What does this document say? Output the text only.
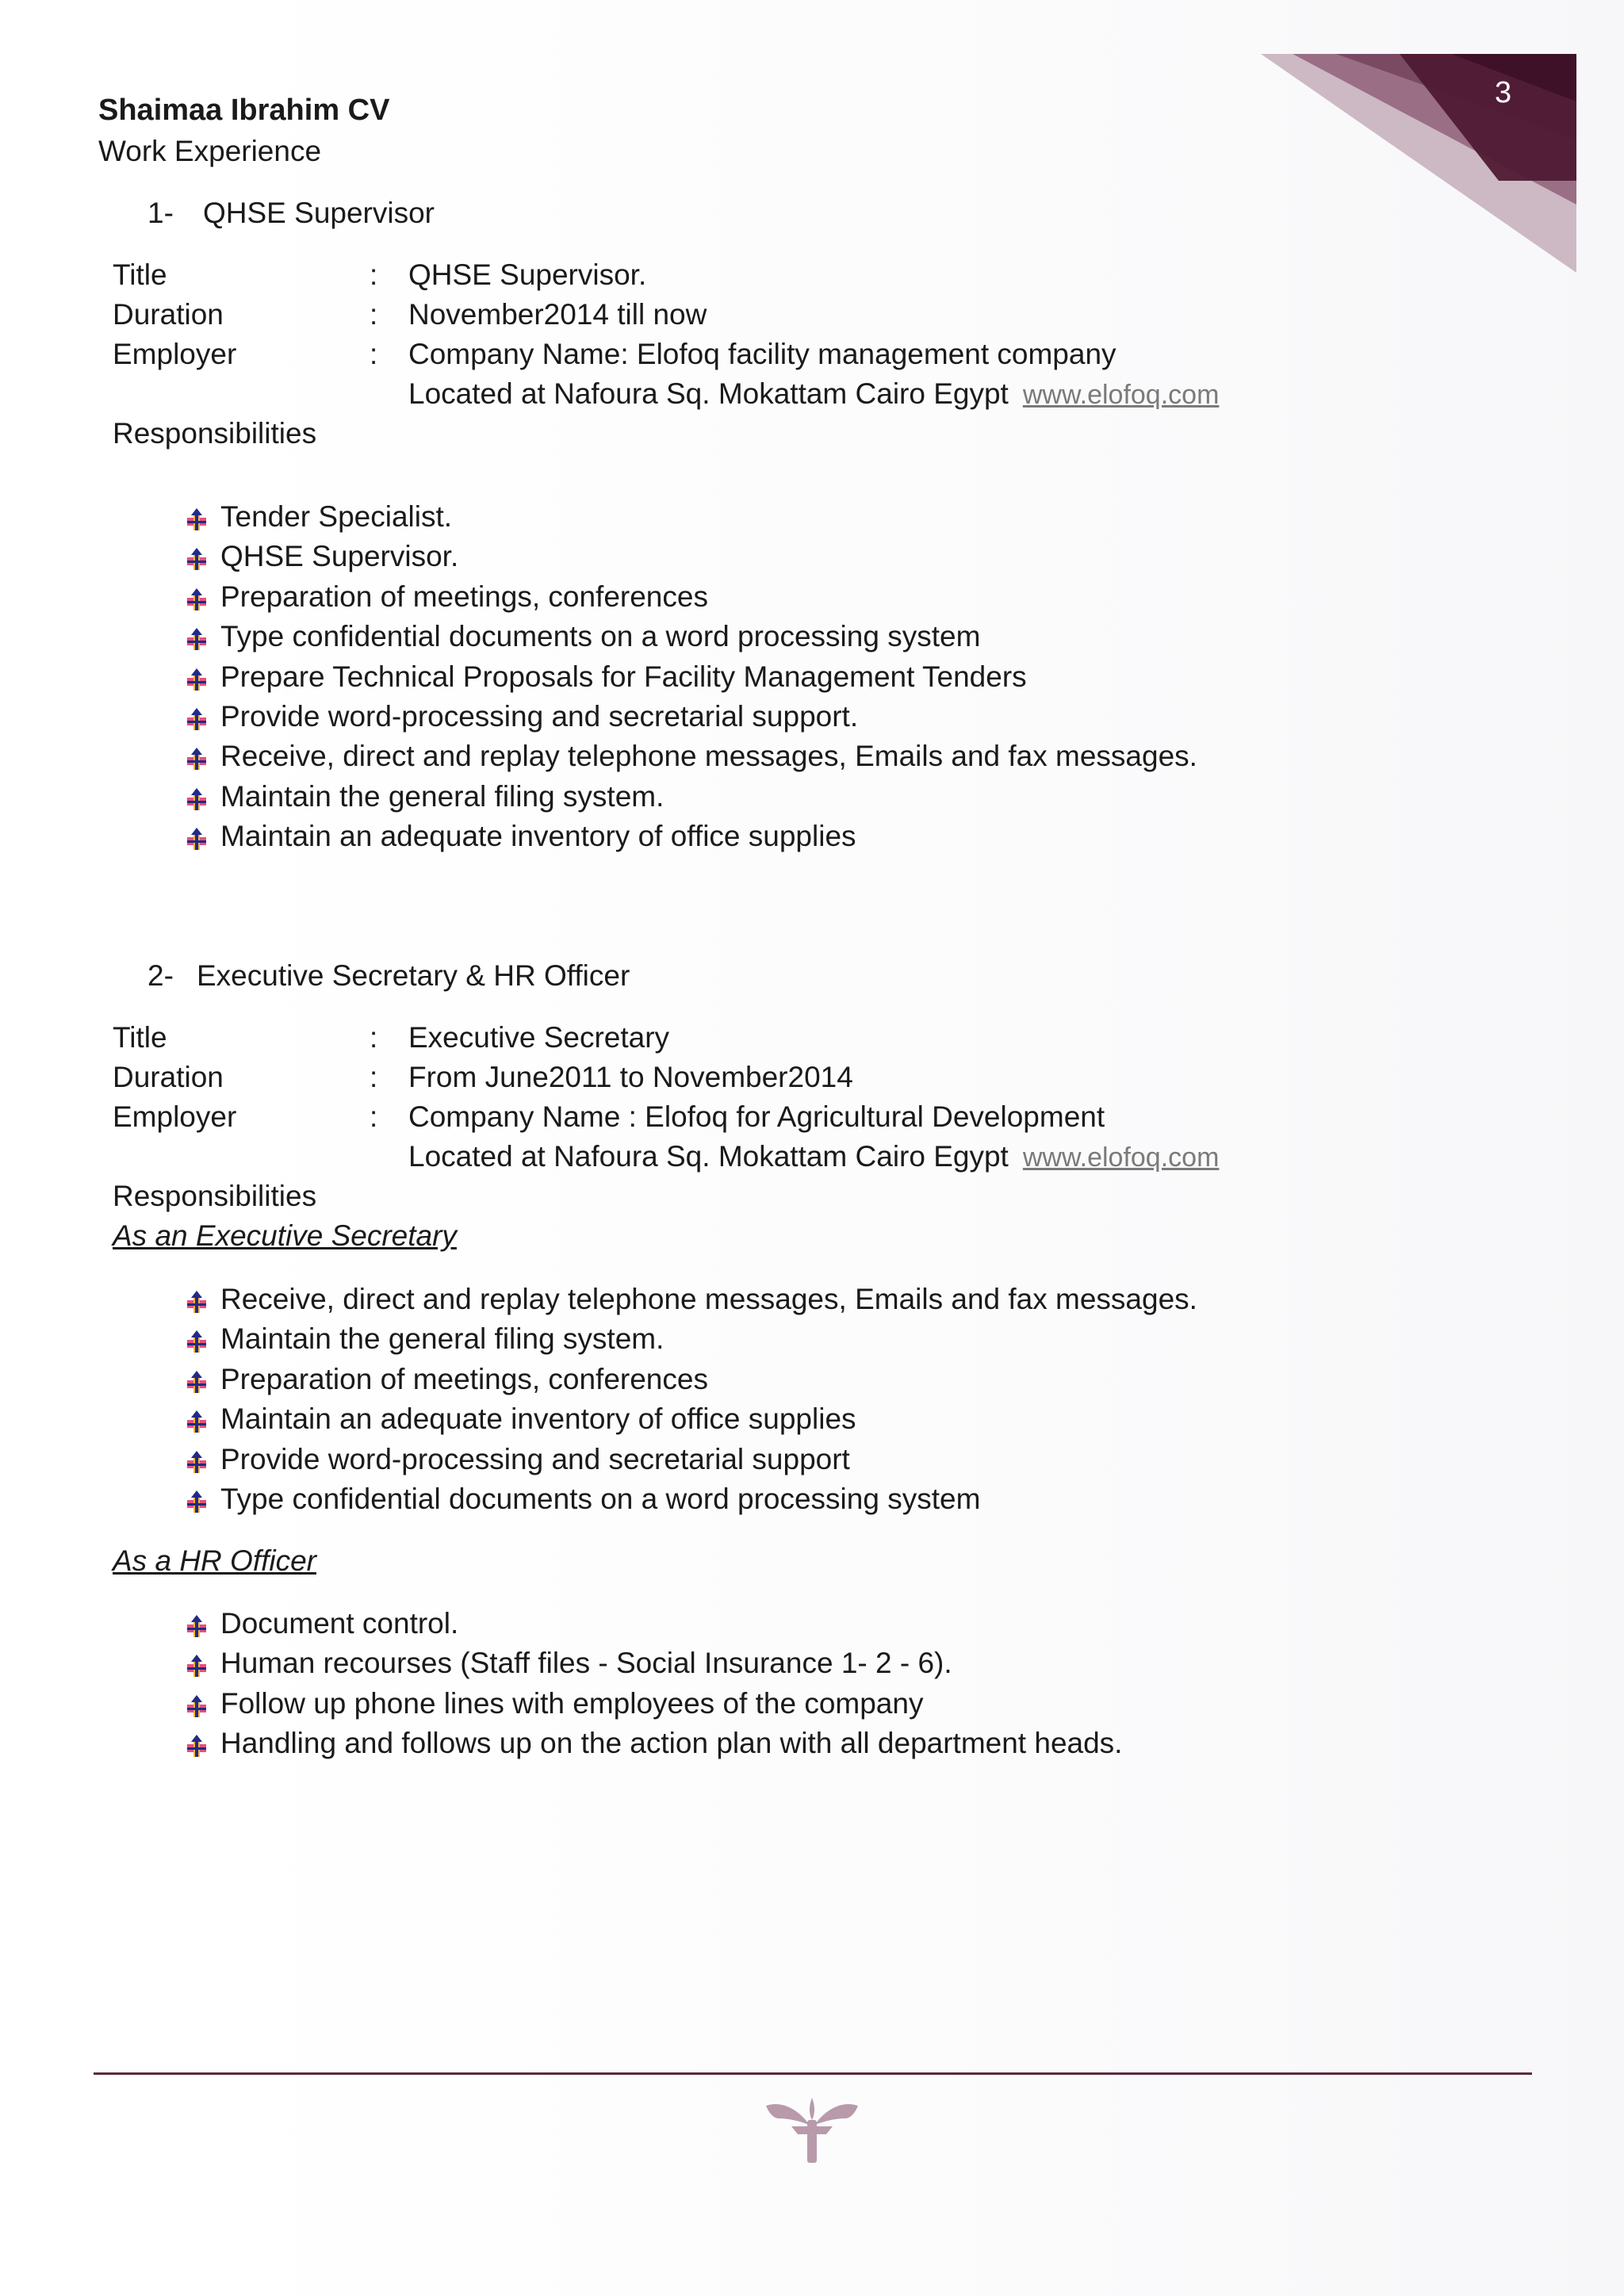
3
Shaimaa Ibrahim CV
Work Experience
1- QHSE Supervisor
Title	: QHSE Supervisor.
Duration	: November2014 till now
Employer	: Company Name: Elofoq facility management company
Located at Nafoura Sq. Mokattam Cairo Egypt www.elofoq.com
Responsibilities
Tender Specialist.
QHSE Supervisor.
Preparation of meetings, conferences
Type confidential documents on a word processing system
Prepare Technical Proposals for Facility Management Tenders
Provide word-processing and secretarial support.
Receive, direct and replay telephone messages, Emails and fax messages.
Maintain the general filing system.
Maintain an adequate inventory of office supplies
2- Executive Secretary & HR Officer
Title	: Executive Secretary
Duration	: From June2011 to November2014
Employer	: Company Name : Elofoq for Agricultural Development
Located at Nafoura Sq. Mokattam Cairo Egypt www.elofoq.com
Responsibilities
As an Executive Secretary
Receive, direct and replay telephone messages, Emails and fax messages.
Maintain the general filing system.
Preparation of meetings, conferences
Maintain an adequate inventory of office supplies
Provide word-processing and secretarial support
Type confidential documents on a word processing system
As a HR Officer
Document control.
Human recourses (Staff files - Social Insurance 1- 2 - 6).
Follow up phone lines with employees of the company
Handling and follows up on the action plan with all department heads.
